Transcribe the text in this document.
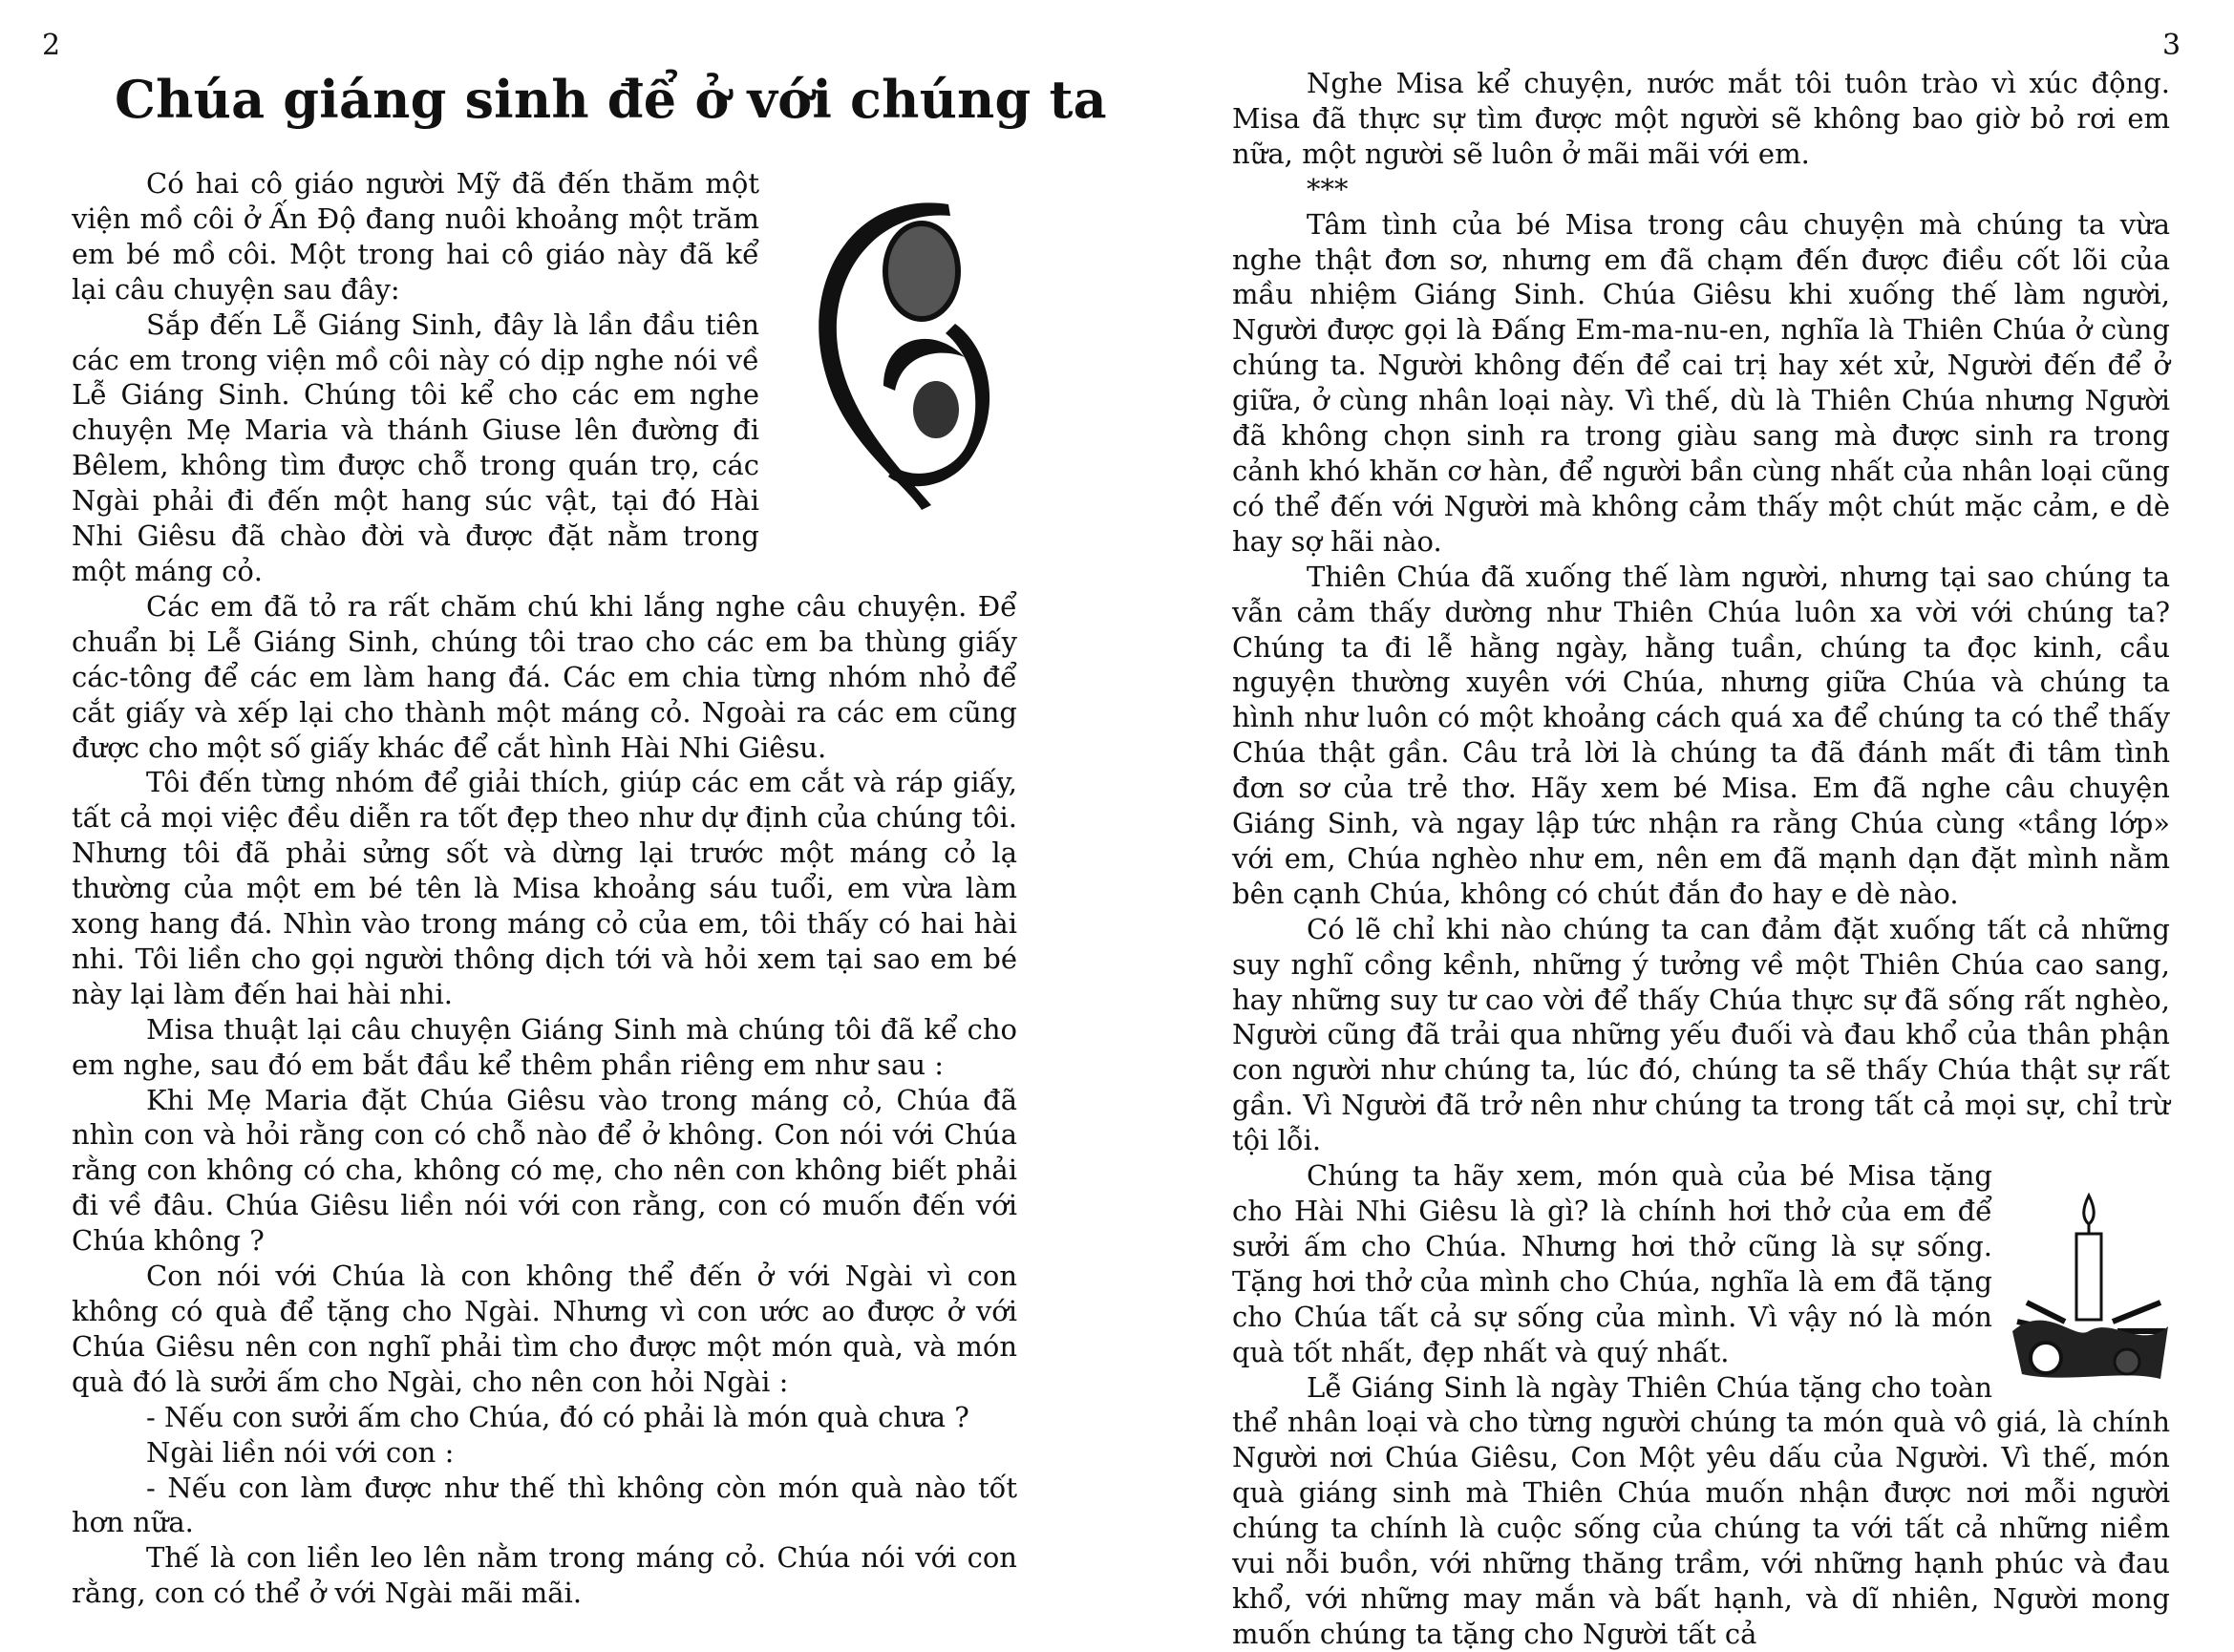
2	3
Chúa giáng sinh để ở với chúng ta

Có hai cô giáo người Mỹ đã đến thăm một viện mồ côi ở Ấn Độ đang nuôi khoảng một trăm em bé mồ côi. Một trong hai cô giáo này đã kể lại câu chuyện sau đây:

Sắp đến Lễ Giáng Sinh, đây là lần đầu tiên các em trong viện mồ côi này có dịp nghe nói về Lễ Giáng Sinh. Chúng tôi kể cho các em nghe chuyện Mẹ Maria và thánh Giuse lên đường đi Bêlem, không tìm được chỗ trong quán trọ, các Ngài phải đi đến một hang súc vật, tại đó Hài Nhi Giêsu đã chào đời và được đặt nằm trong một máng cỏ.

Các em đã tỏ ra rất chăm chú khi lắng nghe câu chuyện. Để chuẩn bị Lễ Giáng Sinh, chúng tôi trao cho các em ba thùng giấy các-tông để các em làm hang đá. Các em chia từng nhóm nhỏ để cắt giấy và xếp lại cho thành một máng cỏ. Ngoài ra các em cũng được cho một số giấy khác để cắt hình Hài Nhi Giêsu.

Tôi đến từng nhóm để giải thích, giúp các em cắt và ráp giấy, tất cả mọi việc đều diễn ra tốt đẹp theo như dự định của chúng tôi. Nhưng tôi đã phải sửng sốt và dừng lại trước một máng cỏ lạ thường của một em bé tên là Misa khoảng sáu tuổi, em vừa làm xong hang đá. Nhìn vào trong máng cỏ của em, tôi thấy có hai hài nhi. Tôi liền cho gọi người thông dịch tới và hỏi xem tại sao em bé này lại làm đến hai hài nhi.

Misa thuật lại câu chuyện Giáng Sinh mà chúng tôi đã kể cho em nghe, sau đó em bắt đầu kể thêm phần riêng em như sau :

Khi Mẹ Maria đặt Chúa Giêsu vào trong máng cỏ, Chúa đã nhìn con và hỏi rằng con có chỗ nào để ở không. Con nói với Chúa rằng con không có cha, không có mẹ, cho nên con không biết phải đi về đâu. Chúa Giêsu liền nói với con rằng, con có muốn đến với Chúa không ?

Con nói với Chúa là con không thể đến ở với Ngài vì con không có quà để tặng cho Ngài. Nhưng vì con ước ao được ở với Chúa Giêsu nên con nghĩ phải tìm cho được một món quà, và món quà đó là sưởi ấm cho Ngài, cho nên con hỏi Ngài :

- Nếu con sưởi ấm cho Chúa, đó có phải là món quà chưa ?

Ngài liền nói với con :

- Nếu con làm được như thế thì không còn món quà nào tốt hơn nữa.

Thế là con liền leo lên nằm trong máng cỏ. Chúa nói với con rằng, con có thể ở với Ngài mãi mãi.

Nghe Misa kể chuyện, nước mắt tôi tuôn trào vì xúc động. Misa đã thực sự tìm được một người sẽ không bao giờ bỏ rơi em nữa, một người sẽ luôn ở mãi mãi với em.

***

Tâm tình của bé Misa trong câu chuyện mà chúng ta vừa nghe thật đơn sơ, nhưng em đã chạm đến được điều cốt lõi của mầu nhiệm Giáng Sinh. Chúa Giêsu khi xuống thế làm người, Người được gọi là Đấng Em-ma-nu-en, nghĩa là Thiên Chúa ở cùng chúng ta. Người không đến để cai trị hay xét xử, Người đến để ở giữa, ở cùng nhân loại này. Vì thế, dù là Thiên Chúa nhưng Người đã không chọn sinh ra trong giàu sang mà được sinh ra trong cảnh khó khăn cơ hàn, để người bần cùng nhất của nhân loại cũng có thể đến với Người mà không cảm thấy một chút mặc cảm, e dè hay sợ hãi nào.

Thiên Chúa đã xuống thế làm người, nhưng tại sao chúng ta vẫn cảm thấy dường như Thiên Chúa luôn xa vời với chúng ta? Chúng ta đi lễ hằng ngày, hằng tuần, chúng ta đọc kinh, cầu nguyện thường xuyên với Chúa, nhưng giữa Chúa và chúng ta hình như luôn có một khoảng cách quá xa để chúng ta có thể thấy Chúa thật gần. Câu trả lời là chúng ta đã đánh mất đi tâm tình đơn sơ của trẻ thơ. Hãy xem bé Misa. Em đã nghe câu chuyện Giáng Sinh, và ngay lập tức nhận ra rằng Chúa cùng «tầng lớp» với em, Chúa nghèo như em, nên em đã mạnh dạn đặt mình nằm bên cạnh Chúa, không có chút đắn đo hay e dè nào.

Có lẽ chỉ khi nào chúng ta can đảm đặt xuống tất cả những suy nghĩ cồng kềnh, những ý tưởng về một Thiên Chúa cao sang, hay những suy tư cao vời để thấy Chúa thực sự đã sống rất nghèo, Người cũng đã trải qua những yếu đuối và đau khổ của thân phận con người như chúng ta, lúc đó, chúng ta sẽ thấy Chúa thật sự rất gần. Vì Người đã trở nên như chúng ta trong tất cả mọi sự, chỉ trừ tội lỗi.

Chúng ta hãy xem, món quà của bé Misa tặng cho Hài Nhi Giêsu là gì? là chính hơi thở của em để sưởi ấm cho Chúa. Nhưng hơi thở cũng là sự sống. Tặng hơi thở của mình cho Chúa, nghĩa là em đã tặng cho Chúa tất cả sự sống của mình. Vì vậy nó là món quà tốt nhất, đẹp nhất và quý nhất.

Lễ Giáng Sinh là ngày Thiên Chúa tặng cho toàn thể nhân loại và cho từng người chúng ta món quà vô giá, là chính Người nơi Chúa Giêsu, Con Một yêu dấu của Người. Vì thế, món quà giáng sinh mà Thiên Chúa muốn nhận được nơi mỗi người chúng ta chính là cuộc sống của chúng ta với tất cả những niềm vui nỗi buồn, với những thăng trầm, với những hạnh phúc và đau khổ, với những may mắn và bất hạnh, và dĩ nhiên, Người mong muốn chúng ta tặng cho Người tất cả
